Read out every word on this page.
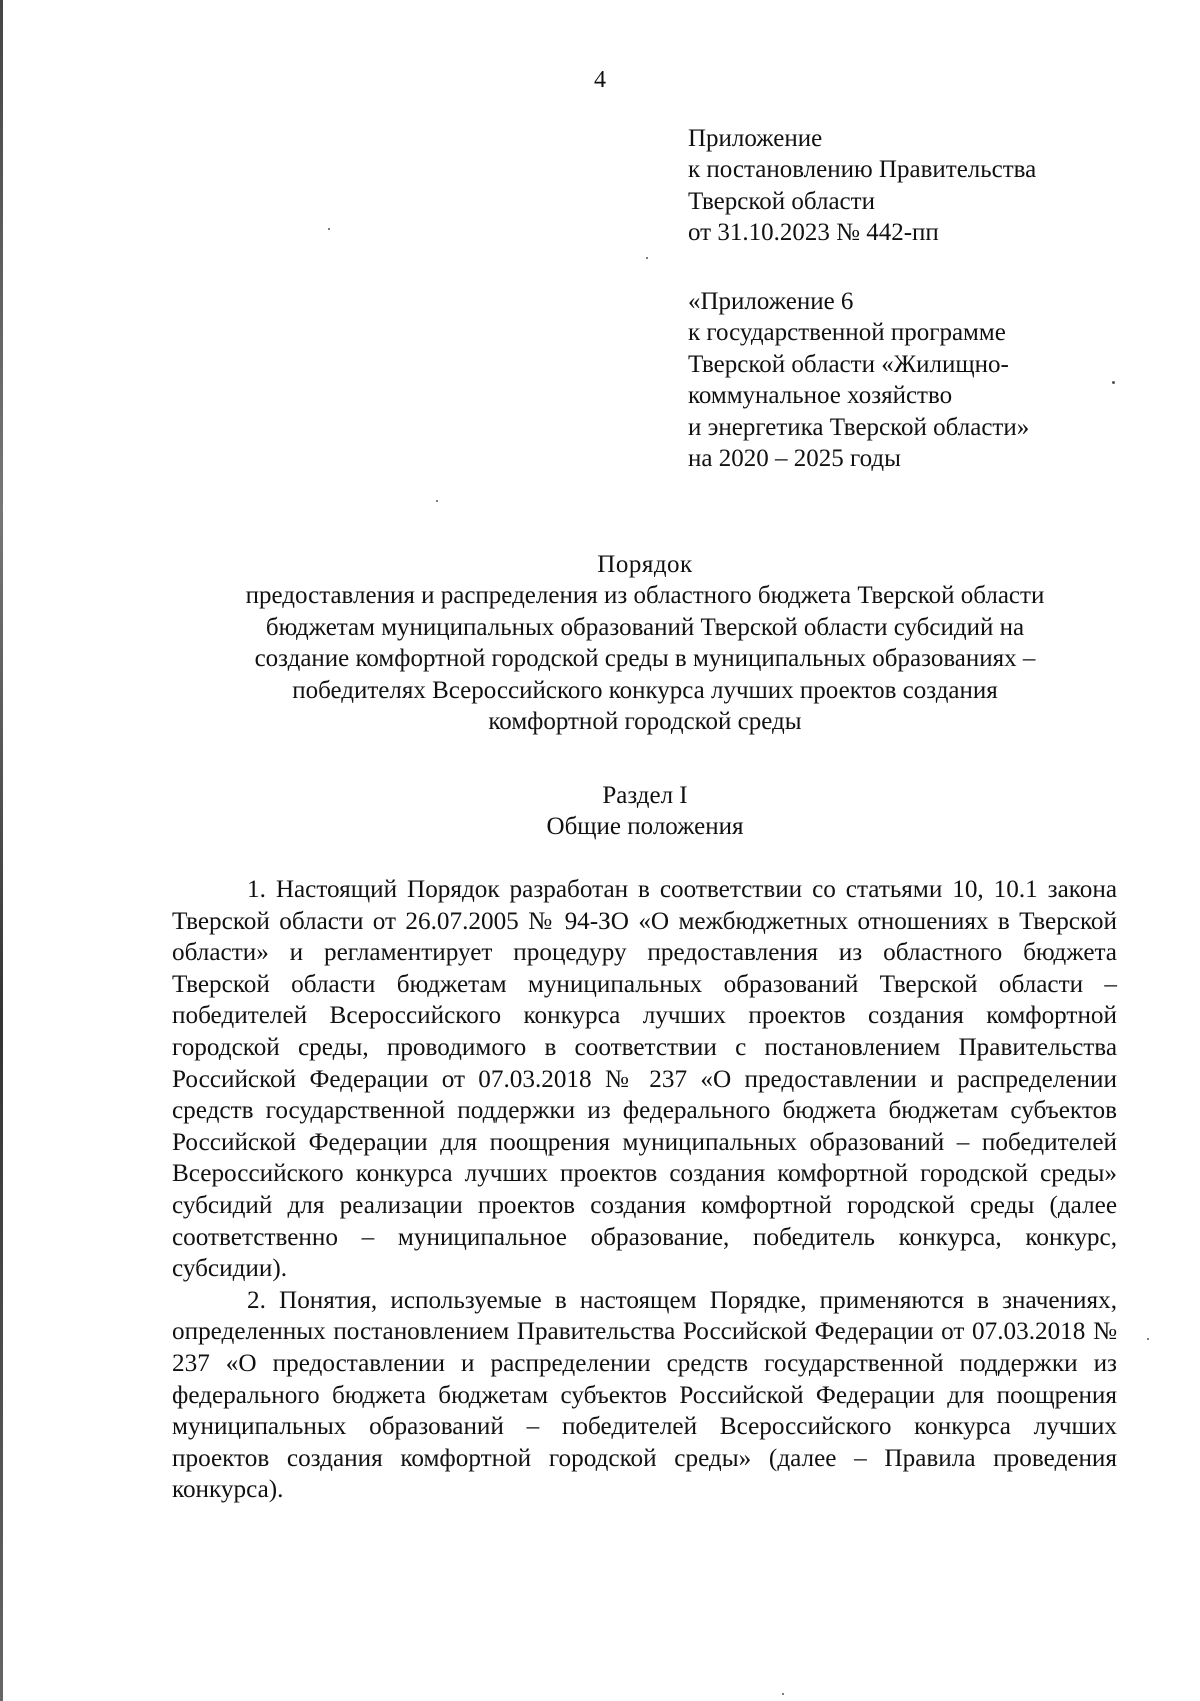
4
Приложение
к постановлению Правительства
Тверской области
от 31.10.2023 № 442-пп
«Приложение 6
к государственной программе
Тверской области «Жилищно-
коммунальное хозяйство
и энергетика Тверской области»
на 2020 – 2025 годы
Порядок
предоставления и распределения из областного бюджета Тверской области
бюджетам муниципальных образований Тверской области субсидий на
создание комфортной городской среды в муниципальных образованиях –
победителях Всероссийского конкурса лучших проектов создания
комфортной городской среды
Раздел I
Общие положения

1. Настоящий Порядок разработан в соответствии со статьями 10, 10.1 закона Тверской области от 26.07.2005 № 94-ЗО «О межбюджетных отношениях в Тверской области» и регламентирует процедуру предоставления из областного бюджета Тверской области бюджетам муниципальных образований Тверской области – победителей Всероссийского конкурса лучших проектов создания комфортной городской среды, проводимого в соответствии с постановлением Правительства Российской Федерации от 07.03.2018 № 237 «О предоставлении и распределении средств государственной поддержки из федерального бюджета бюджетам субъектов Российской Федерации для поощрения муниципальных образований – победителей Всероссийского конкурса лучших проектов создания комфортной городской среды» субсидий для реализации проектов создания комфортной городской среды (далее соответственно – муниципальное образование, победитель конкурса, конкурс, субсидии).

2. Понятия, используемые в настоящем Порядке, применяются в значениях, определенных постановлением Правительства Российской Федерации от 07.03.2018 № 237 «О предоставлении и распределении средств государственной поддержки из федерального бюджета бюджетам субъектов Российской Федерации для поощрения муниципальных образований – победителей Всероссийского конкурса лучших проектов создания комфортной городской среды» (далее – Правила проведения конкурса).
